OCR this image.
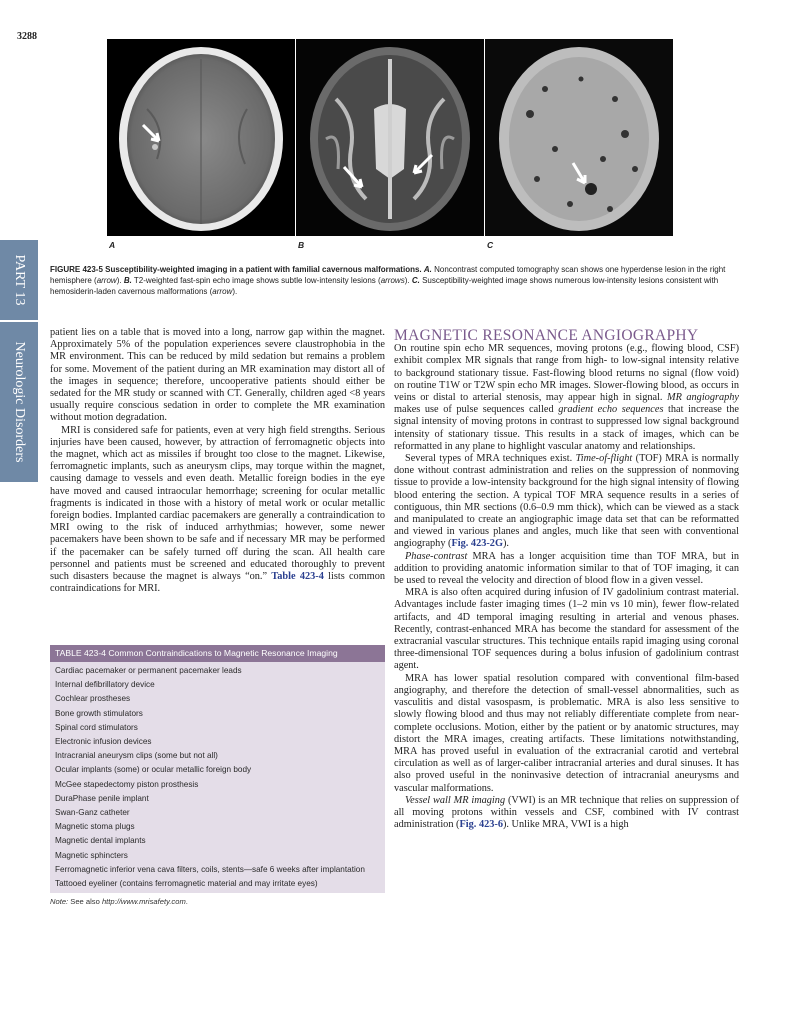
3288
A	B	C
PART 13
Neurologic Disorders
FIGURE 423-5 Susceptibility-weighted imaging in a patient with familial cavernous malformations. A. Noncontrast computed tomography scan shows one hyperdense lesion in the right hemisphere (arrow). B. T2-weighted fast-spin echo image shows subtle low-intensity lesions (arrows). C. Susceptibility-weighted image shows numerous low-intensity lesions consistent with hemosiderin-laden cavernous malformations (arrow).

patient lies on a table that is moved into a long, narrow gap within the magnet. Approximately 5% of the population experiences severe claustrophobia in the MR environment. This can be reduced by mild sedation but remains a problem for some. Movement of the patient during an MR examination may distort all of the images in sequence; therefore, uncooperative patients should either be sedated for the MR study or scanned with CT. Generally, children aged <8 years usually require conscious sedation in order to complete the MR examination without motion degradation.

MRI is considered safe for patients, even at very high field strengths. Serious injuries have been caused, however, by attraction of ferromagnetic objects into the magnet, which act as missiles if brought too close to the magnet. Likewise, ferromagnetic implants, such as aneurysm clips, may torque within the magnet, causing damage to vessels and even death. Metallic foreign bodies in the eye have moved and caused intraocular hemorrhage; screening for ocular metallic fragments is indicated in those with a history of metal work or ocular metallic foreign bodies. Implanted cardiac pacemakers are generally a contraindication to MRI owing to the risk of induced arrhythmias; however, some newer pacemakers have been shown to be safe and if necessary MR may be performed if the pacemaker can be safely turned off during the scan. All health care personnel and patients must be screened and educated thoroughly to prevent such disasters because the magnet is always “on.” Table 423-4 lists common contraindications for MRI.

TABLE 423-4 Common Contraindications to Magnetic Resonance Imaging
Cardiac pacemaker or permanent pacemaker leads
Internal defibrillatory device
Cochlear prostheses
Bone growth stimulators
Spinal cord stimulators
Electronic infusion devices
Intracranial aneurysm clips (some but not all)
Ocular implants (some) or ocular metallic foreign body
McGee stapedectomy piston prosthesis
DuraPhase penile implant
Swan-Ganz catheter
Magnetic stoma plugs
Magnetic dental implants
Magnetic sphincters
Ferromagnetic inferior vena cava filters, coils, stents—safe 6 weeks after implantation
Tattooed eyeliner (contains ferromagnetic material and may irritate eyes)
Note: See also http://www.mrisafety.com.
MAGNETIC RESONANCE ANGIOGRAPHY

On routine spin echo MR sequences, moving protons (e.g., flowing blood, CSF) exhibit complex MR signals that range from high- to low-signal intensity relative to background stationary tissue. Fast-flowing blood returns no signal (flow void) on routine T1W or T2W spin echo MR images. Slower-flowing blood, as occurs in veins or distal to arterial stenosis, may appear high in signal. MR angiography makes use of pulse sequences called gradient echo sequences that increase the signal intensity of moving protons in contrast to suppressed low signal background intensity of stationary tissue. This results in a stack of images, which can be reformatted in any plane to highlight vascular anatomy and relationships.

Several types of MRA techniques exist. Time-of-flight (TOF) MRA is normally done without contrast administration and relies on the suppression of nonmoving tissue to provide a low-intensity background for the high signal intensity of flowing blood entering the section. A typical TOF MRA sequence results in a series of contiguous, thin MR sections (0.6–0.9 mm thick), which can be viewed as a stack and manipulated to create an angiographic image data set that can be reformatted and viewed in various planes and angles, much like that seen with conventional angiography (Fig. 423-2G).

Phase-contrast MRA has a longer acquisition time than TOF MRA, but in addition to providing anatomic information similar to that of TOF imaging, it can be used to reveal the velocity and direction of blood flow in a given vessel.

MRA is also often acquired during infusion of IV gadolinium contrast material. Advantages include faster imaging times (1–2 min vs 10 min), fewer flow-related artifacts, and 4D temporal imaging resulting in arterial and venous phases. Recently, contrast-enhanced MRA has become the standard for assessment of the extracranial vascular structures. This technique entails rapid imaging using coronal three-dimensional TOF sequences during a bolus infusion of gadolinium contrast agent.

MRA has lower spatial resolution compared with conventional film-based angiography, and therefore the detection of small-vessel abnormalities, such as vasculitis and distal vasospasm, is problematic. MRA is also less sensitive to slowly flowing blood and thus may not reliably differentiate complete from near-complete occlusions. Motion, either by the patient or by anatomic structures, may distort the MRA images, creating artifacts. These limitations notwithstanding, MRA has proved useful in evaluation of the extracranial carotid and vertebral circulation as well as of larger-caliber intracranial arteries and dural sinuses. It has also proved useful in the noninvasive detection of intracranial aneurysms and vascular malformations.

Vessel wall MR imaging (VWI) is an MR technique that relies on suppression of all moving protons within vessels and CSF, combined with IV contrast administration (Fig. 423-6). Unlike MRA, VWI is a high
